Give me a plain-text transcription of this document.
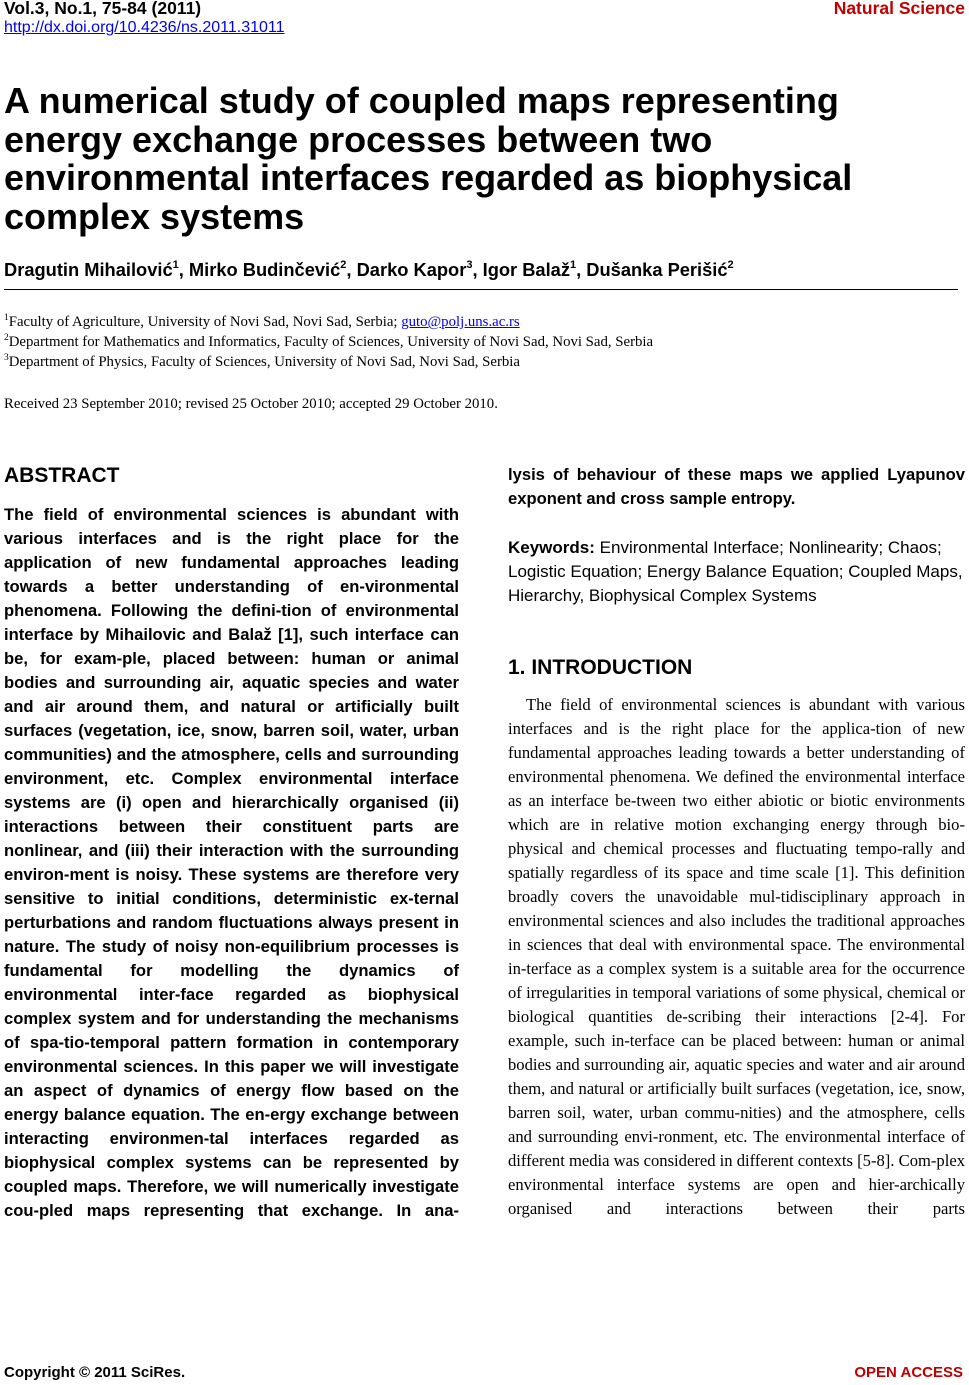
Vol.3, No.1, 75-84 (2011)	Natural Science
http://dx.doi.org/10.4236/ns.2011.31011
A numerical study of coupled maps representing energy exchange processes between two environmental interfaces regarded as biophysical complex systems
Dragutin Mihailović$^1$, Mirko Budinčević$^2$, Darko Kapor$^3$, Igor Balaž$^1$, Dušanka Perišić$^2$
$^1$Faculty of Agriculture, University of Novi Sad, Novi Sad, Serbia; guto@polj.uns.ac.rs
$^2$Department for Mathematics and Informatics, Faculty of Sciences, University of Novi Sad, Novi Sad, Serbia
$^3$Department of Physics, Faculty of Sciences, University of Novi Sad, Novi Sad, Serbia
Received 23 September 2010; revised 25 October 2010; accepted 29 October 2010.
ABSTRACT
The field of environmental sciences is abundant with various interfaces and is the right place for the application of new fundamental approaches leading towards a better understanding of en-vironmental phenomena. Following the defini-tion of environmental interface by Mihailovic and Balaž [1], such interface can be, for exam-ple, placed between: human or animal bodies and surrounding air, aquatic species and water and air around them, and natural or artificially built surfaces (vegetation, ice, snow, barren soil, water, urban communities) and the atmosphere, cells and surrounding environment, etc. Complex environmental interface systems are (i) open and hierarchically organised (ii) interactions between their constituent parts are nonlinear, and (iii) their interaction with the surrounding environ-ment is noisy. These systems are therefore very sensitive to initial conditions, deterministic ex-ternal perturbations and random fluctuations always present in nature. The study of noisy non-equilibrium processes is fundamental for modelling the dynamics of environmental inter-face regarded as biophysical complex system and for understanding the mechanisms of spa-tio-temporal pattern formation in contemporary environmental sciences. In this paper we will investigate an aspect of dynamics of energy flow based on the energy balance equation. The en-ergy exchange between interacting environmen-tal interfaces regarded as biophysical complex systems can be represented by coupled maps. Therefore, we will numerically investigate cou-pled maps representing that exchange. In ana-
lysis of behaviour of these maps we applied Lyapunov exponent and cross sample entropy.
Keywords: Environmental Interface; Nonlinearity; Chaos; Logistic Equation; Energy Balance Equation; Coupled Maps, Hierarchy, Biophysical Complex Systems
1. INTRODUCTION
The field of environmental sciences is abundant with various interfaces and is the right place for the applica-tion of new fundamental approaches leading towards a better understanding of environmental phenomena. We defined the environmental interface as an interface be-tween two either abiotic or biotic environments which are in relative motion exchanging energy through bio-physical and chemical processes and fluctuating tempo-rally and spatially regardless of its space and time scale [1]. This definition broadly covers the unavoidable mul-tidisciplinary approach in environmental sciences and also includes the traditional approaches in sciences that deal with environmental space. The environmental in-terface as a complex system is a suitable area for the occurrence of irregularities in temporal variations of some physical, chemical or biological quantities de-scribing their interactions [2-4]. For example, such in-terface can be placed between: human or animal bodies and surrounding air, aquatic species and water and air around them, and natural or artificially built surfaces (vegetation, ice, snow, barren soil, water, urban commu-nities) and the atmosphere, cells and surrounding envi-ronment, etc. The environmental interface of different media was considered in different contexts [5-8]. Com-plex environmental interface systems are open and hier-archically organised and interactions between their parts
Copyright © 2011 SciRes.	OPEN ACCESS
